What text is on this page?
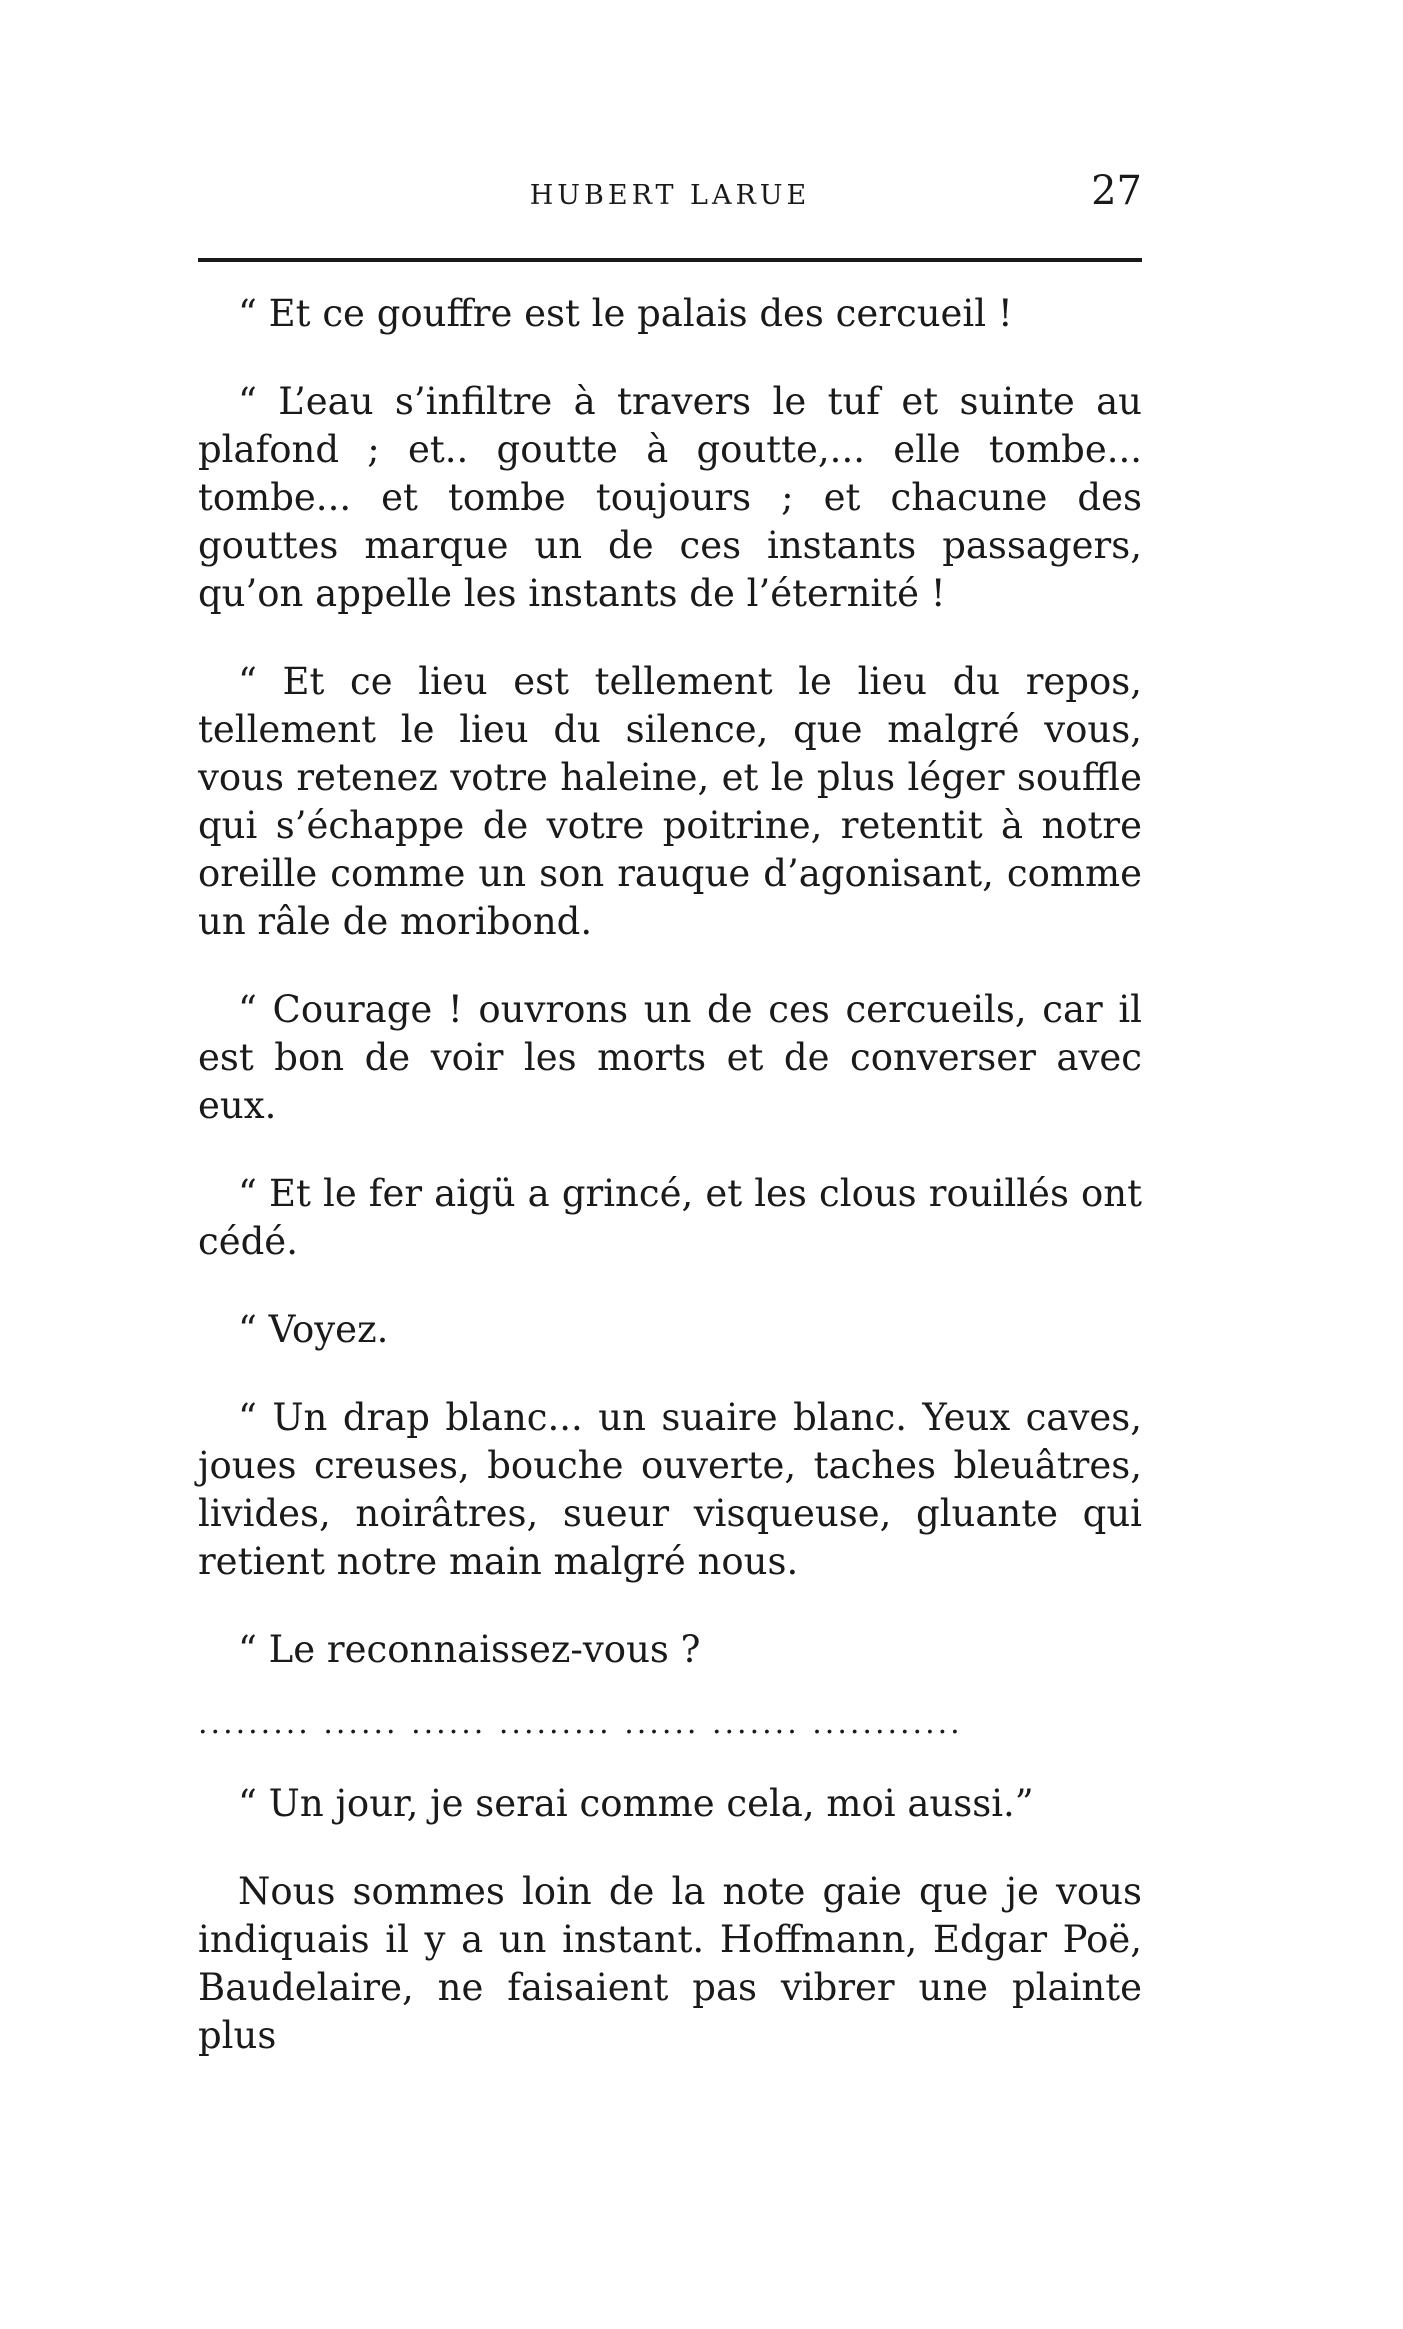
HUBERT LARUE	27

“ Et ce gouffre est le palais des cercueil !

“ L’eau s’infiltre à travers le tuf et suinte au plafond ; et.. goutte à goutte,... elle tombe... tombe... et tombe toujours ; et chacune des gouttes marque un de ces instants passagers, qu’on appelle les instants de l’éternité !

“ Et ce lieu est tellement le lieu du repos, tellement le lieu du silence, que malgré vous, vous retenez votre haleine, et le plus léger souffle qui s’échappe de votre poitrine, retentit à notre oreille comme un son rauque d’agonisant, comme un râle de moribond.

“ Courage ! ouvrons un de ces cercueils, car il est bon de voir les morts et de converser avec eux.

“ Et le fer aigü a grincé, et les clous rouillés ont cédé.

“ Voyez.

“ Un drap blanc... un suaire blanc. Yeux caves, joues creuses, bouche ouverte, taches bleuâtres, livides, noirâtres, sueur visqueuse, gluante qui retient notre main malgré nous.

“ Le reconnaissez-vous ?

......... ...... ...... ......... ...... ....... ............

“ Un jour, je serai comme cela, moi aussi.”

Nous sommes loin de la note gaie que je vous indiquais il y a un instant. Hoffmann, Edgar Poë, Baudelaire, ne faisaient pas vibrer une plainte plus
